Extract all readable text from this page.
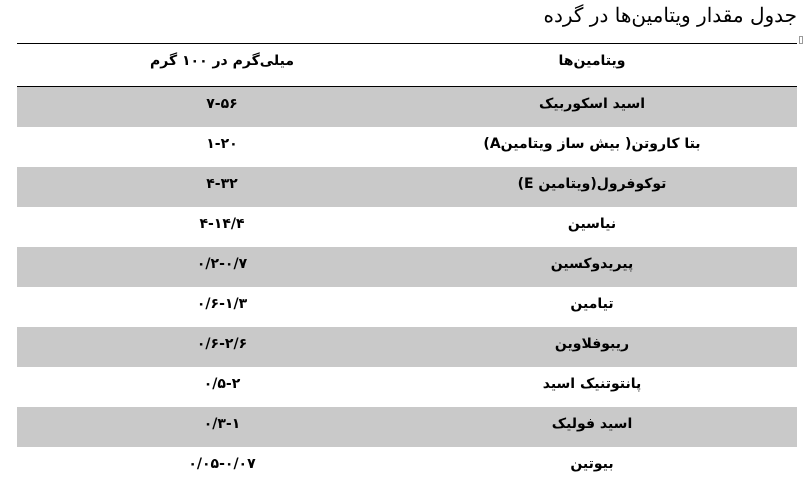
جدول مقدار ویتامین‌ها در گرده
میلی‌گرم در ۱۰۰ گرم	ویتامین‌ها
۷-۵۶	اسید اسکوربیک
۱-۲۰	بتا کاروتن( بیش ساز ویتامینA)
۴-۳۲	توکوفرول(ویتامین E)
۴-۱۴/۴	نیاسین
۰/۲-۰/۷	پیریدوکسین
۰/۶-۱/۳	تیامین
۰/۶-۲/۶	ریبوفلاوین
۰/۵-۲	پانتوتنیک اسید
۰/۳-۱	اسید فولیک
۰/۰۵-۰/۰۷	بیوتین
